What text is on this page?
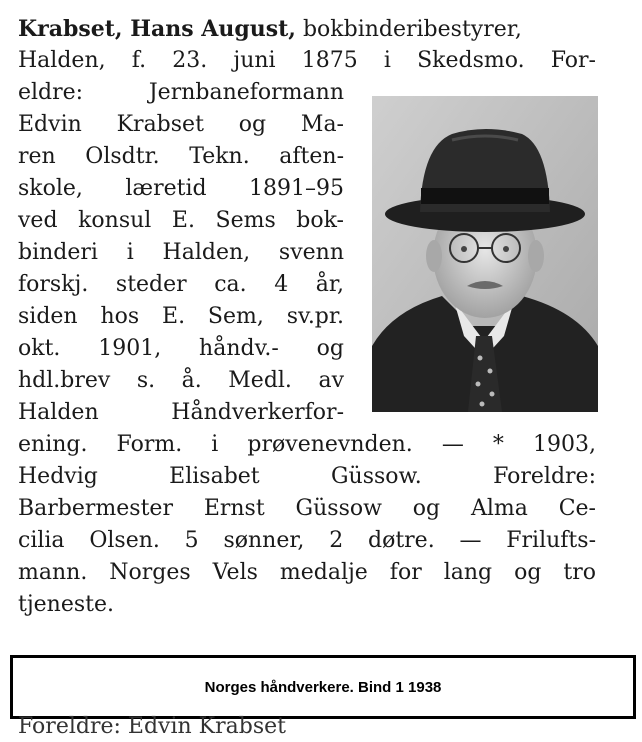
Krabset, Hans August, bokbinderibestyrer,
Halden, f. 23. juni 1875 i Skedsmo. For-
eldre: Jernbaneformann
Edvin Krabset og Ma-
ren Olsdtr. Tekn. aften-
skole, læretid 1891–95
ved konsul E. Sems bok-
binderi i Halden, svenn
forskj. steder ca. 4 år,
siden hos E. Sem, sv.pr.
okt. 1901, håndv.- og
hdl.brev s. å. Medl. av
Halden Håndverkerfor-
ening. Form. i prøvenevnden. — * 1903,
Hedvig Elisabet Güssow. Foreldre:
Barbermester Ernst Güssow og Alma Ce-
cilia Olsen. 5 sønner, 2 døtre. — Frilufts-
mann. Norges Vels medalje for lang og tro
tjeneste.
Norges håndverkere. Bind 1 1938
Foreldre: Edvin Krabset
